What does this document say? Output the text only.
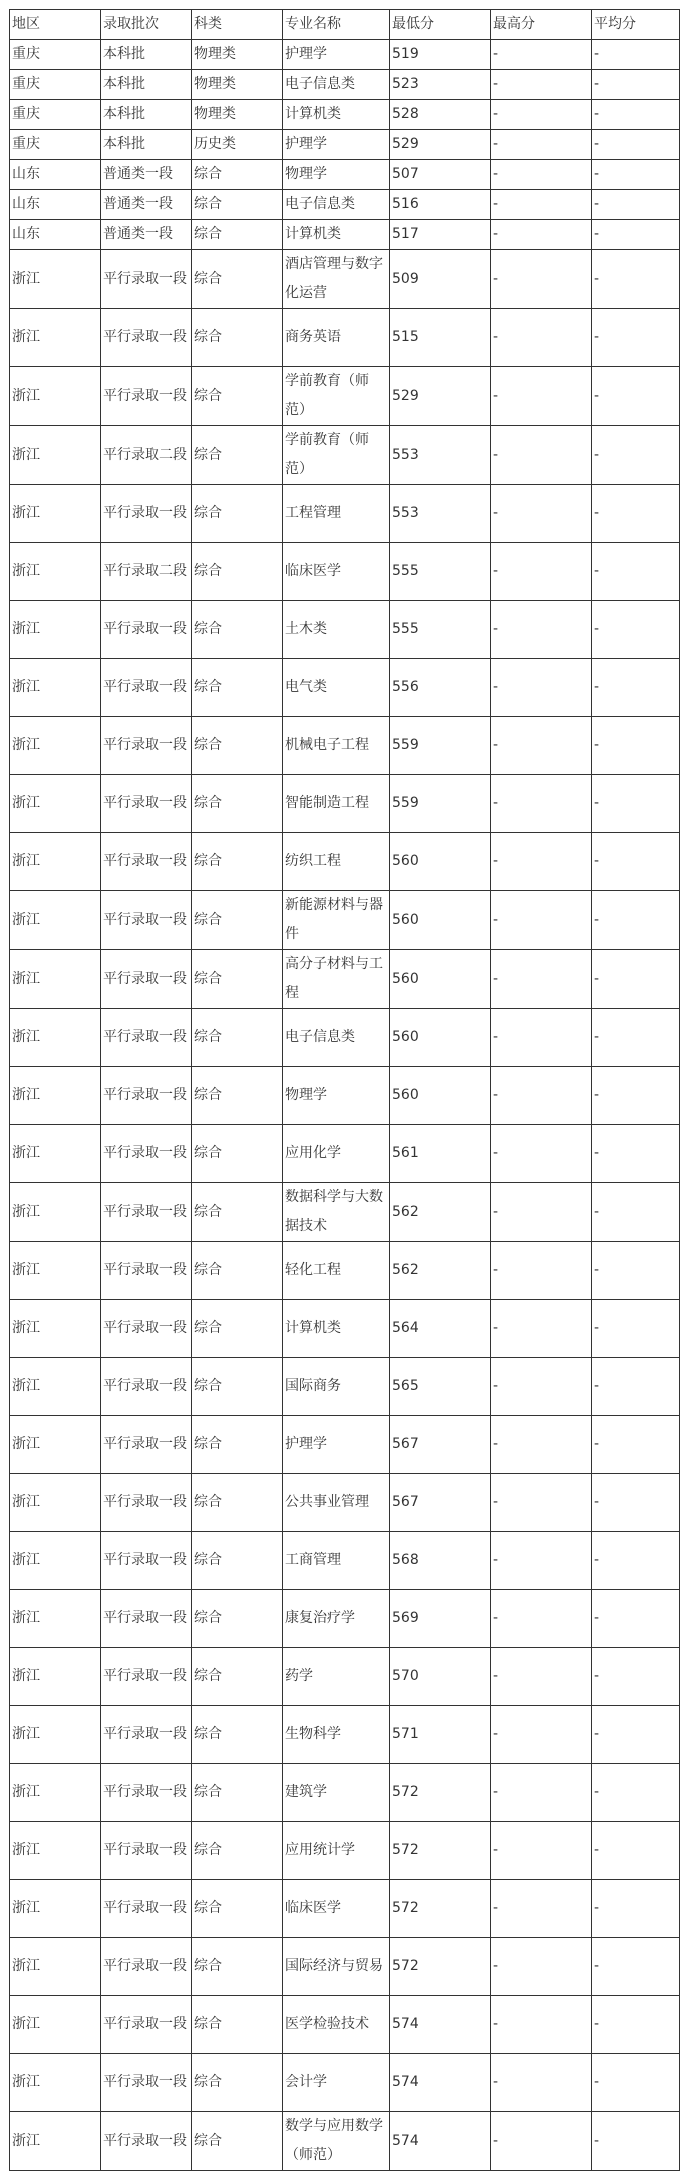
地区	录取批次	科类	专业名称	最低分	最高分	平均分
重庆	本科批	物理类	护理学	519	-	-
重庆	本科批	物理类	电子信息类	523	-	-
重庆	本科批	物理类	计算机类	528	-	-
重庆	本科批	历史类	护理学	529	-	-
山东	普通类一段	综合	物理学	507	-	-
山东	普通类一段	综合	电子信息类	516	-	-
山东	普通类一段	综合	计算机类	517	-	-
浙江	平行录取一段	综合	酒店管理与数字化运营	509	-	-
浙江	平行录取一段	综合	商务英语	515	-	-
浙江	平行录取一段	综合	学前教育（师范）	529	-	-
浙江	平行录取二段	综合	学前教育（师范）	553	-	-
浙江	平行录取一段	综合	工程管理	553	-	-
浙江	平行录取二段	综合	临床医学	555	-	-
浙江	平行录取一段	综合	土木类	555	-	-
浙江	平行录取一段	综合	电气类	556	-	-
浙江	平行录取一段	综合	机械电子工程	559	-	-
浙江	平行录取一段	综合	智能制造工程	559	-	-
浙江	平行录取一段	综合	纺织工程	560	-	-
浙江	平行录取一段	综合	新能源材料与器件	560	-	-
浙江	平行录取一段	综合	高分子材料与工程	560	-	-
浙江	平行录取一段	综合	电子信息类	560	-	-
浙江	平行录取一段	综合	物理学	560	-	-
浙江	平行录取一段	综合	应用化学	561	-	-
浙江	平行录取一段	综合	数据科学与大数据技术	562	-	-
浙江	平行录取一段	综合	轻化工程	562	-	-
浙江	平行录取一段	综合	计算机类	564	-	-
浙江	平行录取一段	综合	国际商务	565	-	-
浙江	平行录取一段	综合	护理学	567	-	-
浙江	平行录取一段	综合	公共事业管理	567	-	-
浙江	平行录取一段	综合	工商管理	568	-	-
浙江	平行录取一段	综合	康复治疗学	569	-	-
浙江	平行录取一段	综合	药学	570	-	-
浙江	平行录取一段	综合	生物科学	571	-	-
浙江	平行录取一段	综合	建筑学	572	-	-
浙江	平行录取一段	综合	应用统计学	572	-	-
浙江	平行录取一段	综合	临床医学	572	-	-
浙江	平行录取一段	综合	国际经济与贸易	572	-	-
浙江	平行录取一段	综合	医学检验技术	574	-	-
浙江	平行录取一段	综合	会计学	574	-	-
浙江	平行录取一段	综合	数学与应用数学（师范）	574	-	-
